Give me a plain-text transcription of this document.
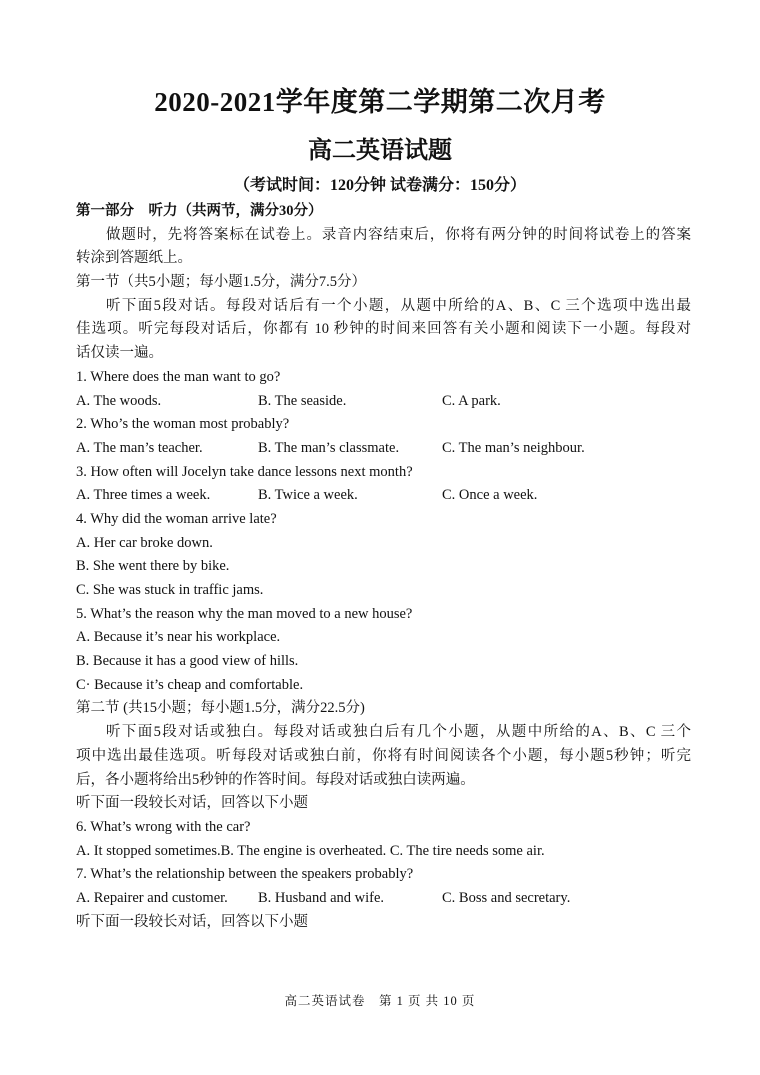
2020-2021学年度第二学期第二次月考
高二英语试题
（考试时间：120分钟 试卷满分：150分）
第一部分　听力（共两节，满分30分）
做题时，先将答案标在试卷上。录音内容结束后，你将有两分钟的时间将试卷上的答案
转涂到答题纸上。
第一节（共5小题；每小题1.5分，满分7.5分）
听下面5段对话。每段对话后有一个小题，从题中所给的A、B、C 三个选项中选出最
佳选项。听完每段对话后，你都有 10 秒钟的时间来回答有关小题和阅读下一小题。每段对
话仅读一遍。
1. Where does the man want to go?
A. The woods.	B. The seaside.	C. A park.
2. Who’s the woman most probably?
A. The man’s teacher.	B. The man’s classmate.	C. The man’s neighbour.
3. How often will Jocelyn take dance lessons next month?
A. Three times a week.	B. Twice a week.	C. Once a week.
4. Why did the woman arrive late?
A. Her car broke down.
B. She went there by bike.
C. She was stuck in traffic jams.
5. What’s the reason why the man moved to a new house?
A. Because it’s near his workplace.
B. Because it has a good view of hills.
C· Because it’s cheap and comfortable.
第二节 (共15小题；每小题1.5分，满分22.5分)
听下面5段对话或独白。每段对话或独白后有几个小题，从题中所给的A、B、C 三个
项中选出最佳选项。听每段对话或独白前，你将有时间阅读各个小题，每小题5秒钟；听完
后，各小题将给出5秒钟的作答时间。每段对话或独白读两遍。
听下面一段较长对话，回答以下小题
6. What’s wrong with the car?
A. It stopped sometimes.B. The engine is overheated. C. The tire needs some air.
7. What’s the relationship between the speakers probably?
A. Repairer and customer. B. Husband and wife.	C. Boss and secretary.
听下面一段较长对话，回答以下小题
高二英语试卷　第 1 页 共 10 页
